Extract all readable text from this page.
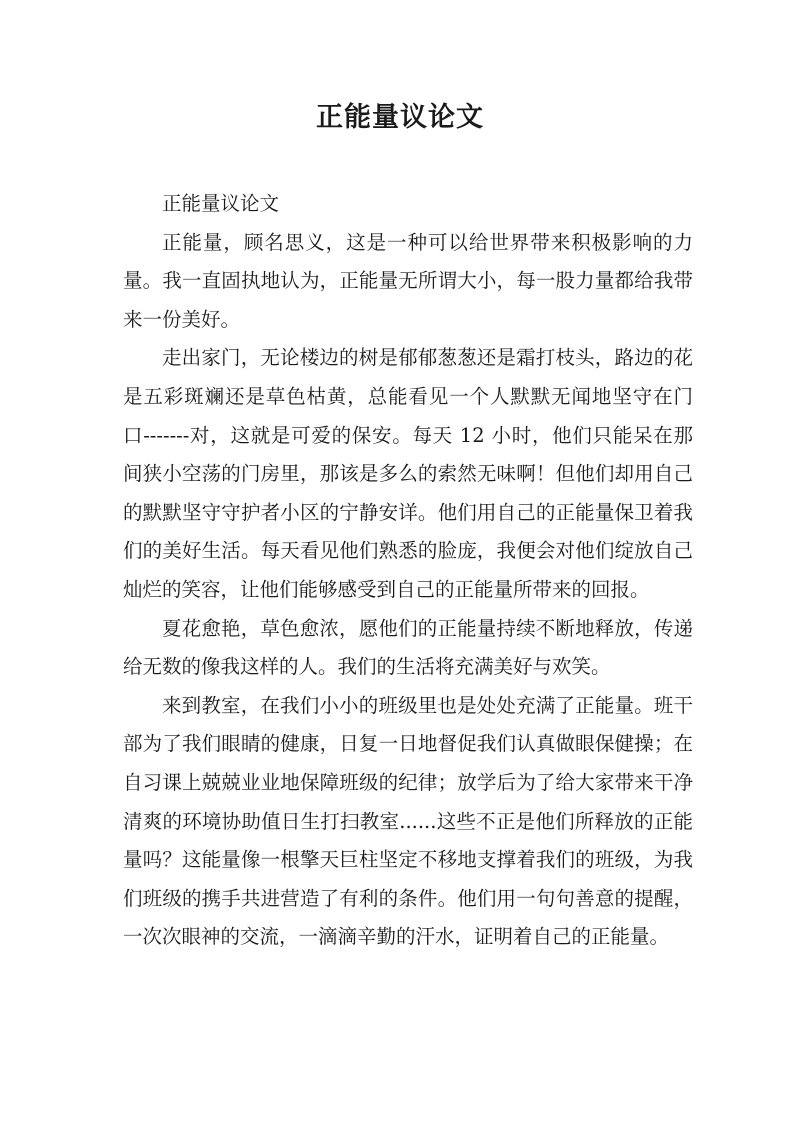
正能量议论文

正能量议论文

正能量，顾名思义，这是一种可以给世界带来积极影响的力量。我一直固执地认为，正能量无所谓大小，每一股力量都给我带来一份美好。

走出家门，无论楼边的树是郁郁葱葱还是霜打枝头，路边的花是五彩斑斓还是草色枯黄，总能看见一个人默默无闻地坚守在门口-------对，这就是可爱的保安。每天 12 小时，他们只能呆在那间狭小空荡的门房里，那该是多么的索然无味啊！但他们却用自己的默默坚守守护者小区的宁静安详。他们用自己的正能量保卫着我们的美好生活。每天看见他们熟悉的脸庞，我便会对他们绽放自己灿烂的笑容，让他们能够感受到自己的正能量所带来的回报。

夏花愈艳，草色愈浓，愿他们的正能量持续不断地释放，传递给无数的像我这样的人。我们的生活将充满美好与欢笑。

来到教室，在我们小小的班级里也是处处充满了正能量。班干部为了我们眼睛的健康，日复一日地督促我们认真做眼保健操；在自习课上兢兢业业地保障班级的纪律；放学后为了给大家带来干净清爽的环境协助值日生打扫教室......这些不正是他们所释放的正能量吗？这能量像一根擎天巨柱坚定不移地支撑着我们的班级，为我们班级的携手共进营造了有利的条件。他们用一句句善意的提醒，一次次眼神的交流，一滴滴辛勤的汗水，证明着自己的正能量。
